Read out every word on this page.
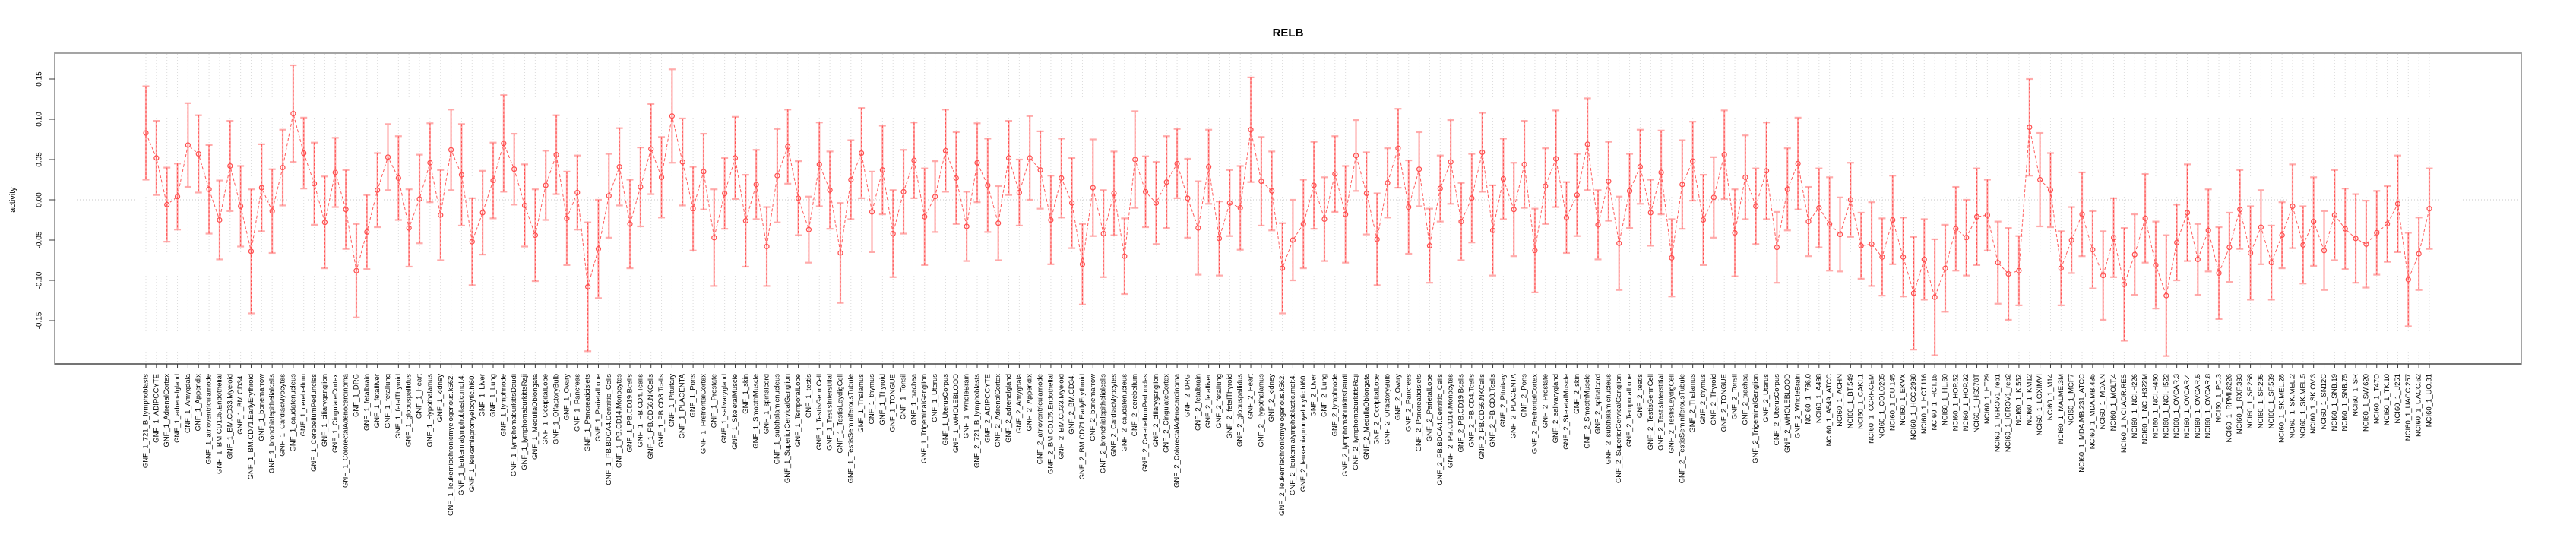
RELB
activity
GNF_1_721_B_lymphoblasts GNF_1_ADIPOCYTE GNF_1_AdrenalCortex GNF_1_adrenalgland GNF_1_Amygdala GNF_1_Appendix GNF_1_atrioventricularnode GNF_1_BM.CD105.Endothelial GNF_1_BM.CD33.Myeloid GNF_1_BM.CD34. GNF_1_BM.CD71.EarlyErythroid GNF_1_bonemarrow GNF_1_bronchialepithelialcells GNF_1_CardiacMyocytes GNF_1_caudatenucleus GNF_1_cerebellum GNF_1_CerebellumPeduncles GNF_1_ciliaryganglion GNF_1_CingulateCortex GNF_1_ColorectalAdenocarcinoma GNF_1_DRG GNF_1_fetalbrain GNF_1_fetalliver GNF_1_fetallung GNF_1_fetalThyroid GNF_1_globuspallidus GNF_1_Heart GNF_1_Hypothalamus GNF_1_kidney GNF_1_leukemiachronicmyelogenous.k562. GNF_1_leukemialymphoblastic.molt4. GNF_1_leukemiapromyelocytic.hl60. GNF_1_Liver GNF_1_Lung GNF_1_lymphnode GNF_1_lymphomaburkittsDaudi GNF_1_lymphomaburkittsRaji GNF_1_MedullaOblongata GNF_1_OccipitalLobe GNF_1_OlfactoryBulb GNF_1_Ovary GNF_1_Pancreas GNF_1_Pancreaticislets GNF_1_ParietalLobe GNF_1_PB.BDCA4.Dentritic_Cells GNF_1_PB.CD14.Monocytes GNF_1_PB.CD19.Bcells GNF_1_PB.CD4.Tcells GNF_1_PB.CD56.NKCells GNF_1_PB.CD8.Tcells GNF_1_Pituitary GNF_1_PLACENTA GNF_1_Pons GNF_1_PrefrontalCortex GNF_1_Prostate GNF_1_salivarygland GNF_1_SkeletalMuscle GNF_1_skin GNF_1_SmoothMuscle GNF_1_spinalcord GNF_1_subthalamicnucleus GNF_1_SuperiorCervicalGanglion GNF_1_TemporalLobe GNF_1_testis GNF_1_TestisGermCell GNF_1_TestisInterstitial GNF_1_TestisLeydigCell GNF_1_TestisSeminiferousTubule GNF_1_Thalamus GNF_1_thymus GNF_1_Thyroid GNF_1_TONGUE GNF_1_Tonsil GNF_1_trachea GNF_1_TrigeminalGanglion GNF_1_Uterus GNF_1_UterusCorpus GNF_1_WHOLEBLOOD GNF_1_WholeBrain GNF_2_721_B_lymphoblasts GNF_2_ADIPOCYTE GNF_2_AdrenalCortex GNF_2_adrenalgland GNF_2_Amygdala GNF_2_Appendix GNF_2_atrioventricularnode GNF_2_BM.CD105.Endothelial GNF_2_BM.CD33.Myeloid GNF_2_BM.CD34. GNF_2_BM.CD71.EarlyErythroid GNF_2_bonemarrow GNF_2_bronchialepithelialcells GNF_2_CardiacMyocytes GNF_2_caudatenucleus GNF_2_cerebellum GNF_2_CerebellumPeduncles GNF_2_ciliaryganglion GNF_2_CingulateCortex GNF_2_ColorectalAdenocarcinoma GNF_2_DRG GNF_2_fetalbrain GNF_2_fetalliver GNF_2_fetallung GNF_2_fetalThyroid GNF_2_globuspallidus GNF_2_Heart GNF_2_Hypothalamus GNF_2_kidney GNF_2_leukemiachronicmyelogenous.k562. GNF_2_leukemialymphoblastic.molt4. GNF_2_leukemiapromyelocytic.hl60. GNF_2_Liver GNF_2_Lung GNF_2_lymphnode GNF_2_lymphomaburkittsDaudi GNF_2_lymphomaburkittsRaji GNF_2_MedullaOblongata GNF_2_OccipitalLobe GNF_2_OlfactoryBulb GNF_2_Ovary GNF_2_Pancreas GNF_2_Pancreaticislets GNF_2_ParietalLobe GNF_2_PB.BDCA4.Dentritic_Cells GNF_2_PB.CD14.Monocytes GNF_2_PB.CD19.Bcells GNF_2_PB.CD4.Tcells GNF_2_PB.CD56.NKCells GNF_2_PB.CD8.Tcells GNF_2_Pituitary GNF_2_PLACENTA GNF_2_Pons GNF_2_PrefrontalCortex GNF_2_Prostate GNF_2_salivarygland GNF_2_SkeletalMuscle GNF_2_skin GNF_2_SmoothMuscle GNF_2_spinalcord GNF_2_subthalamicnucleus GNF_2_SuperiorCervicalGanglion GNF_2_TemporalLobe GNF_2_testis GNF_2_TestisGermCell GNF_2_TestisInterstitial GNF_2_TestisLeydigCell GNF_2_TestisSeminiferousTubule GNF_2_Thalamus GNF_2_thymus GNF_2_Thyroid GNF_2_TONGUE GNF_2_Tonsil GNF_2_trachea GNF_2_TrigeminalGanglion GNF_2_Uterus GNF_2_UterusCorpus GNF_2_WHOLEBLOOD GNF_2_WholeBrain NCI60_1_786.0 NCI60_1_A498 NCI60_1_A549_ATCC NCI60_1_ACHN NCI60_1_BT.549 NCI60_1_CAKI.1 NCI60_1_CCRF.CEM NCI60_1_COLO205 NCI60_1_DU.145 NCI60_1_EKVX NCI60_1_HCC.2998 NCI60_1_HCT.116 NCI60_1_HCT.15 NCI60_1_HL.60 NCI60_1_HOP.62 NCI60_1_HOP.92 NCI60_1_HS578T NCI60_1_HT29 NCI60_1_IGROV1_rep1 NCI60_1_IGROV1_rep2 NCI60_1_K.562 NCI60_1_KM12 NCI60_1_LOXIMVI NCI60_1_M14 NCI60_1_MALME.3M NCI60_1_MCF7 NCI60_1_MDA.MB.231_ATCC NCI60_1_MDA.MB.435 NCI60_1_MDA.N NCI60_1_MOLT.4 NCI60_1_NCI.ADR.RES NCI60_1_NCI.H226 NCI60_1_NCI.H322M NCI60_1_NCI.H460 NCI60_1_NCI.H522 NCI60_1_OVCAR.3 NCI60_1_OVCAR.4 NCI60_1_OVCAR.5 NCI60_1_OVCAR.8 NCI60_1_PC.3 NCI60_1_RPMI.8226 NCI60_1_RXF.393 NCI60_1_SF.268 NCI60_1_SF.295 NCI60_1_SF.539 NCI60_1_SK.MEL.28 NCI60_1_SK.MEL.2 NCI60_1_SK.MEL.5 NCI60_1_SK.OV.3 NCI60_1_SN12C NCI60_1_SNB.19 NCI60_1_SNB.75 NCI60_1_SR NCI60_1_SW.620 NCI60_1_T47D NCI60_1_TK.10 NCI60_1_U251 NCI60_1_UACC.257 NCI60_1_UACC.62 NCI60_1_UO.31
0.15
0.10
0.05
0.00
-0.05
-0.10
-0.15
